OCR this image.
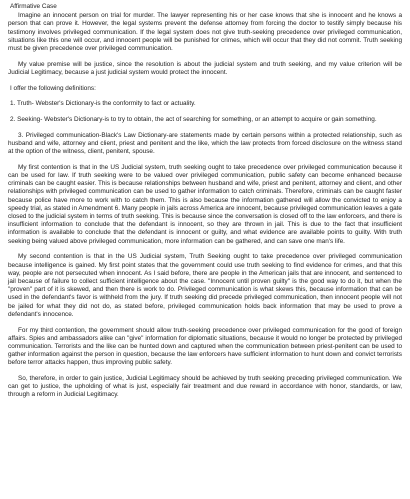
Affirmative Case

Imagine an innocent person on trial for murder. The lawyer representing his or her case knows that she is innocent and he knows a person that can prove it. However, the legal systems prevent the defense attorney from forcing the doctor to testify simply because his testimony involves privileged communication. If the legal system does not give truth-seeking precedence over privileged communication, situations like this one will occur, and innocent people will be punished for crimes, which will occur that they did not commit. Truth seeking must be given precedence over privileged communication.

My value premise will be justice, since the resolution is about the judicial system and truth seeking, and my value criterion will be Judicial Legitimacy, because a just judicial system would protect the innocent.

I offer the following definitions:

1. Truth- Webster's Dictionary-is the conformity to fact or actuality.
2. Seeking- Webster's Dictionary-is to try to obtain, the act of searching for something, or an attempt to acquire or gain something.

3. Privileged communication-Black's Law Dictionary-are statements made by certain persons within a protected relationship, such as husband and wife, attorney and client, priest and penitent and the like, which the law protects from forced disclosure on the witness stand at the option of the witness, client, penitent, spouse.

My first contention is that in the US Judicial system, truth seeking ought to take precedence over privileged communication because it can be used for law. If truth seeking were to be valued over privileged communication, public safety can become enhanced because criminals can be caught easier. This is because relationships between husband and wife, priest and penitent, attorney and client, and other relationships with privileged communication can be used to gather information to catch criminals. Therefore, criminals can be caught faster because police have more to work with to catch them. This is also because the information gathered will allow the convicted to enjoy a speedy trial, as stated in Amendment 6. Many people in jails across America are innocent, because privileged communication leaves a gate closed to the judicial system in terms of truth seeking. This is because since the conversation is closed off to the law enforcers, and there is insufficient information to conclude that the defendant is innocent, so they are thrown in jail. This is due to the fact that insufficient information is available to conclude that the defendant is innocent or guilty, and what evidence are available points to guilty. With truth seeking being valued above privileged communication, more information can be gathered, and can save one man's life.

My second contention is that in the US Judicial system, Truth Seeking ought to take precedence over privileged communication because intelligence is gained. My first point states that the government could use truth seeking to find evidence for crimes, and that this way, people are not persecuted when innocent. As I said before, there are people in the American jails that are innocent, and sentenced to jail because of failure to collect sufficient intelligence about the case. "Innocent until proven guilty" is the good way to do it, but when the "proven" part of it is skewed, and then there is work to do. Privileged communication is what skews this, because information that can be used in the defendant's favor is withheld from the jury. If truth seeking did precede privileged communication, then innocent people will not be jailed for what they did not do, as stated before, privileged communication holds back information that may be used to prove a defendant's innocence.

For my third contention, the government should allow truth-seeking precedence over privileged communication for the good of foreign affairs. Spies and ambassadors alike can "give" information for diplomatic situations, because it would no longer be protected by privileged communication. Terrorists and the like can be hunted down and captured when the communication between priest-penitent can be used to gather information against the person in question, because the law enforcers have sufficient information to hunt down and convict terrorists before terror attacks happen, thus improving public safety.

So, therefore, in order to gain justice, Judicial Legitimacy should be achieved by truth seeking preceding privileged communication. We can get to justice, the upholding of what is just, especially fair treatment and due reward in accordance with honor, standards, or law, through a reform in Judicial Legitimacy.
